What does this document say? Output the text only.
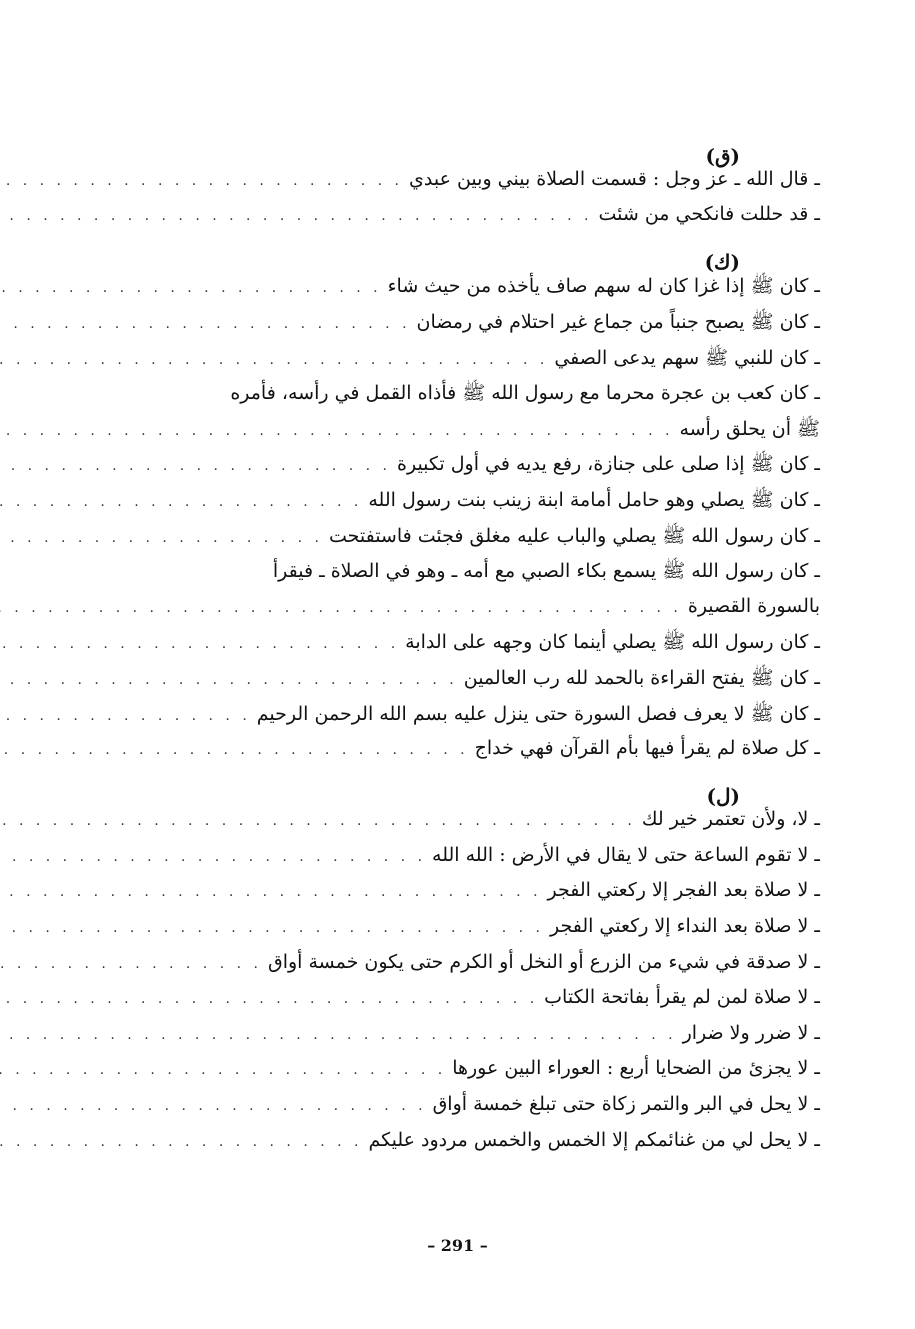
(ق)
ـ قال الله ـ عز وجل : قسمت الصلاة بيني وبين عبدي
. . .
ـ قد حللت فانكحي من شئت
. . .
(ك)
ـ كان ﷺ إذا غزا كان له سهم صاف يأخذه من حيث شاء
. . .
ـ كان ﷺ يصبح جنباً من جماع غير احتلام في رمضان
. . .
ـ كان للنبي ﷺ سهم يدعى الصفي
. . .
ـ كان كعب بن عجرة محرما مع رسول الله ﷺ فأذاه القمل في رأسه، فأمره
ﷺ أن يحلق رأسه
. . .
ـ كان ﷺ إذا صلى على جنازة، رفع يديه في أول تكبيرة
. . .
ـ كان ﷺ يصلي وهو حامل أمامة ابنة زينب بنت رسول الله
. . .
ـ كان رسول الله ﷺ يصلي والباب عليه مغلق فجئت فاستفتحت
. . .
ـ كان رسول الله ﷺ يسمع بكاء الصبي مع أمه ـ وهو في الصلاة ـ فيقرأ
بالسورة القصيرة
. . .
ـ كان رسول الله ﷺ يصلي أينما كان وجهه على الدابة
. . .
ـ كان ﷺ يفتح القراءة بالحمد لله رب العالمين
. . .
ـ كان ﷺ لا يعرف فصل السورة حتى ينزل عليه بسم الله الرحمن الرحيم
. . .
ـ كل صلاة لم يقرأ فيها بأم القرآن فهي خداج
. . .
(ل)
ـ لا، ولأن تعتمر خير لك
. . .
ـ لا تقوم الساعة حتى لا يقال في الأرض : الله الله
. . .
ـ لا صلاة بعد الفجر إلا ركعتي الفجر
. . .
ـ لا صلاة بعد النداء إلا ركعتي الفجر
. . .
ـ لا صدقة في شيء من الزرع أو النخل أو الكرم حتى يكون خمسة أواق
. . .
ـ لا صلاة لمن لم يقرأ بفاتحة الكتاب
. . .
ـ لا ضرر ولا ضرار
. . .
ـ لا يجزئ من الضحايا أربع : العوراء البين عورها
. . .
ـ لا يحل في البر والتمر زكاة حتى تبلغ خمسة أواق
. . .
ـ لا يحل لي من غنائمكم إلا الخمس والخمس مردود عليكم
. . .
– 291 –
